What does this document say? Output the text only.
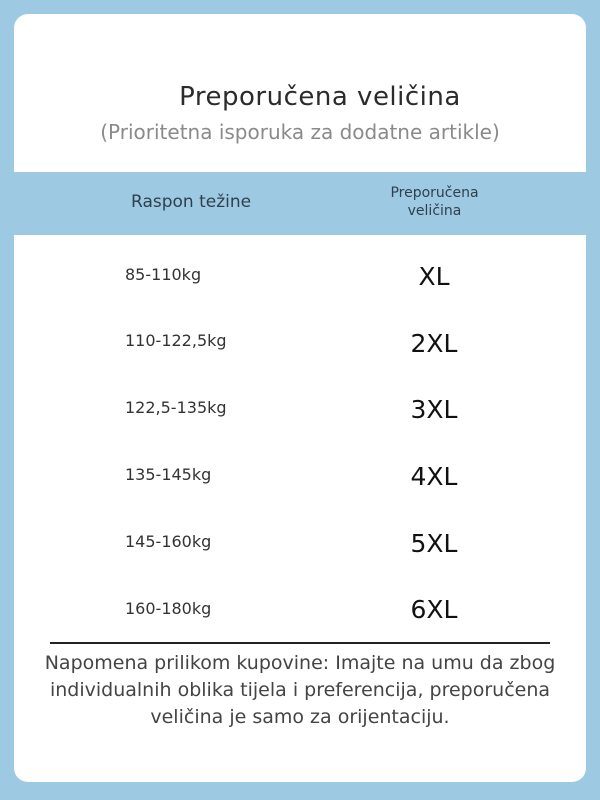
Preporučena veličina
(Prioritetna isporuka za dodatne artikle)
Raspon težine	Preporučena veličina
85-110kg	XL
110-122,5kg	2XL
122,5-135kg	3XL
135-145kg	4XL
145-160kg	5XL
160-180kg	6XL
Napomena prilikom kupovine: Imajte na umu da zbog individualnih oblika tijela i preferencija, preporučena veličina je samo za orijentaciju.
